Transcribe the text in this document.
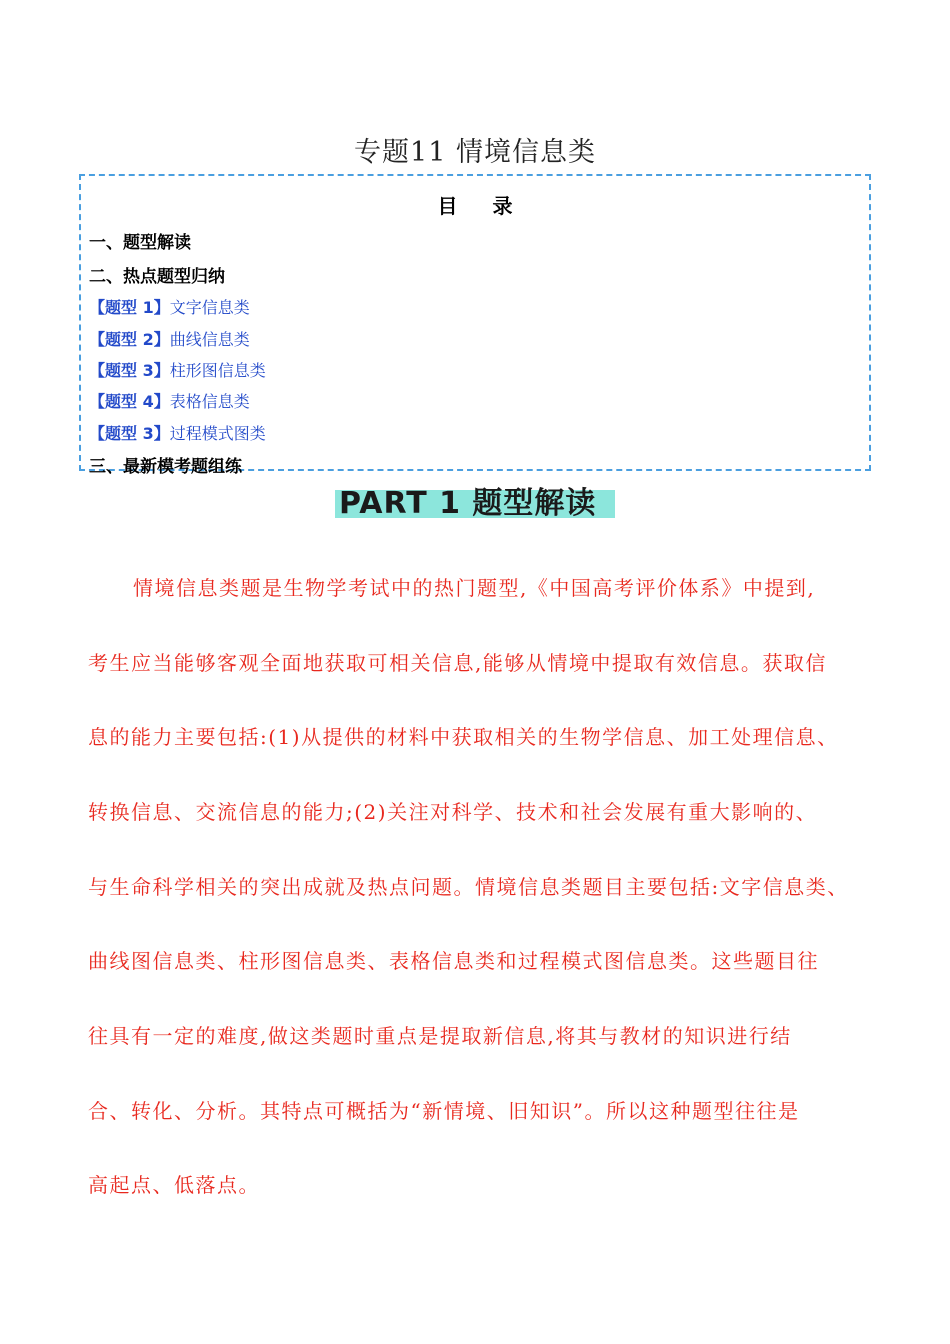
专题11 情境信息类
目 录
一、题型解读
二、热点题型归纳
【题型 1】文字信息类
【题型 2】曲线信息类
【题型 3】柱形图信息类
【题型 4】表格信息类
【题型 3】过程模式图类
三、最新模考题组练
PART 1 题型解读
情境信息类题是生物学考试中的热门题型,《中国高考评价体系》中提到,
考生应当能够客观全面地获取可相关信息,能够从情境中提取有效信息。获取信
息的能力主要包括:(1)从提供的材料中获取相关的生物学信息、加工处理信息、
转换信息、交流信息的能力;(2)关注对科学、技术和社会发展有重大影响的、
与生命科学相关的突出成就及热点问题。情境信息类题目主要包括:文字信息类、
曲线图信息类、柱形图信息类、表格信息类和过程模式图信息类。这些题目往
往具有一定的难度,做这类题时重点是提取新信息,将其与教材的知识进行结
合、转化、分析。其特点可概括为“新情境、旧知识”。所以这种题型往往是
高起点、低落点。
